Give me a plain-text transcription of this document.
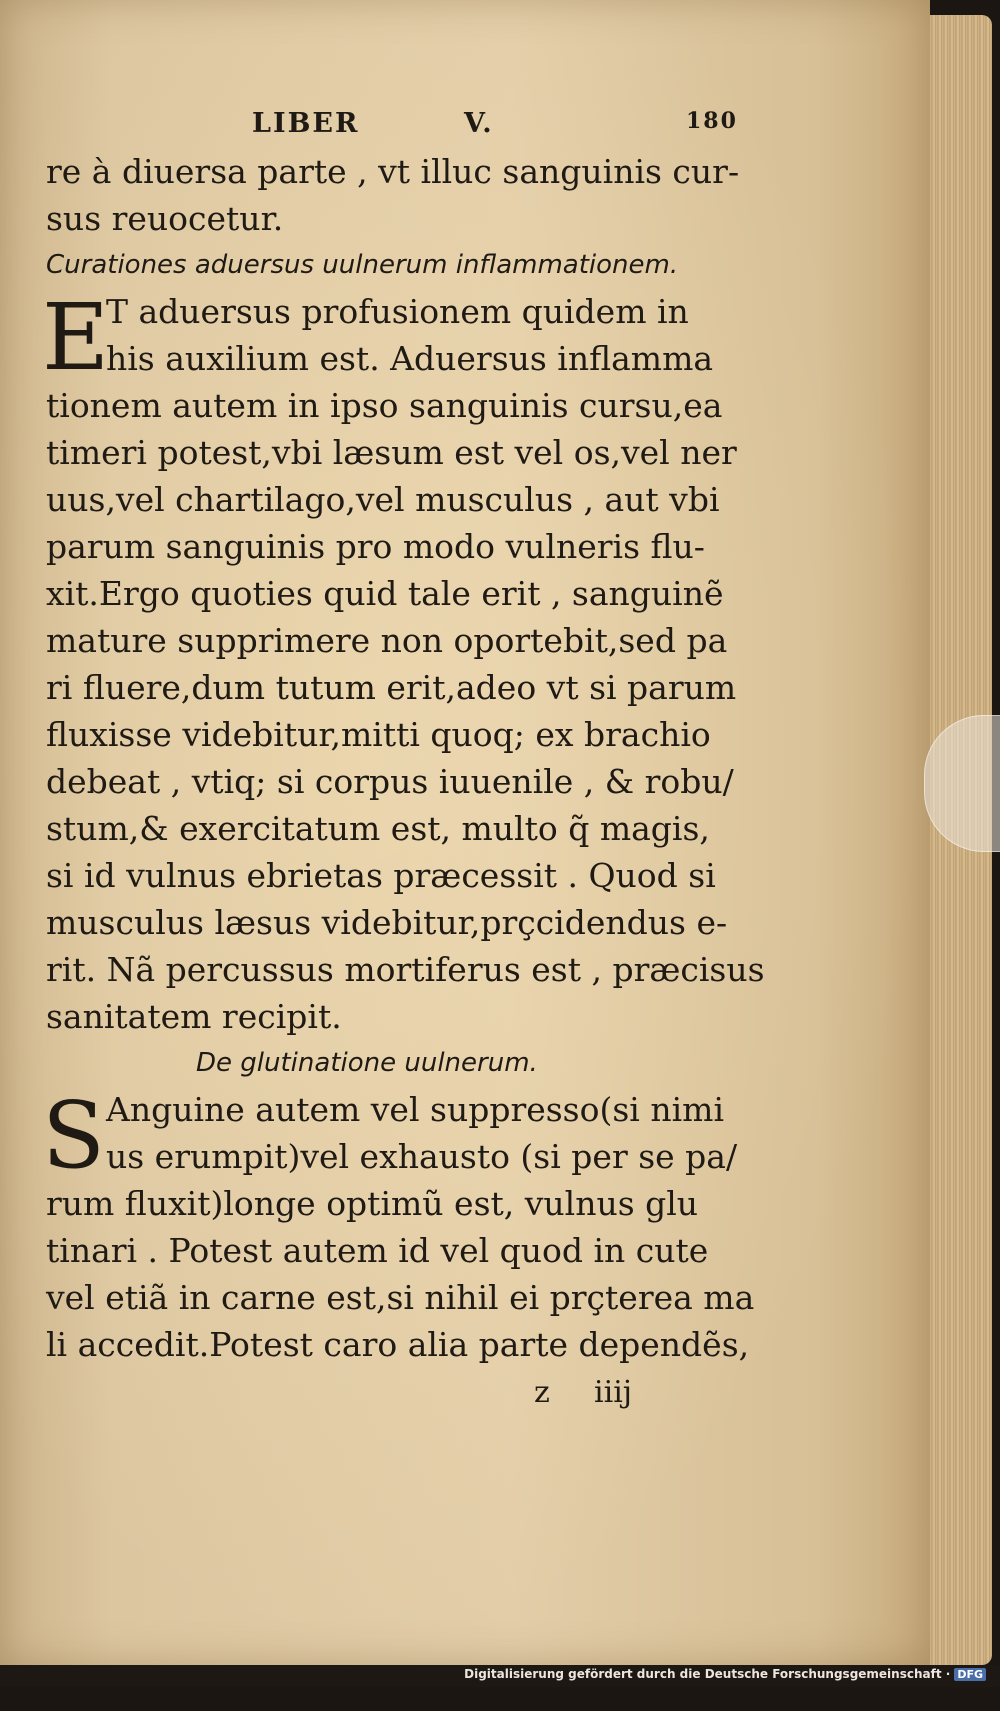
LIBER	V.	180
re à diuersa parte , vt illuc sanguinis cur-
sus reuocetur.
Curationes aduersus uulnerum inflammationem.
E
T aduersus profusionem quidem in
his auxilium est. Aduersus inflamma
tionem autem in ipso sanguinis cursu,ea
timeri potest,vbi læsum est vel os,vel ner
uus,vel chartilago,vel musculus , aut vbi
parum sanguinis pro modo vulneris flu-
xit.Ergo quoties quid tale erit , sanguinẽ
mature supprimere non oportebit,sed pa
ri fluere,dum tutum erit,adeo vt si parum
fluxisse videbitur,mitti quoq; ex brachio
debeat , vtiq; si corpus iuuenile , & robu/
stum,& exercitatum est, multo q̃ magis,
si id vulnus ebrietas præcessit . Quod si
musculus læsus videbitur,prçcidendus e-
rit. Nã percussus mortiferus est , præcisus
sanitatem recipit.
De glutinatione uulnerum.
S Anguine autem vel suppresso(si nimi
us erumpit)vel exhausto (si per se pa/
rum fluxit)longe optimũ est, vulnus glu
tinari . Potest autem id vel quod in cute
vel etiã in carne est,si nihil ei prçterea ma
li accedit.Potest caro alia parte dependẽs,
z iiij
Digitalisierung gefördert durch die Deutsche Forschungsgemeinschaft · DFG
